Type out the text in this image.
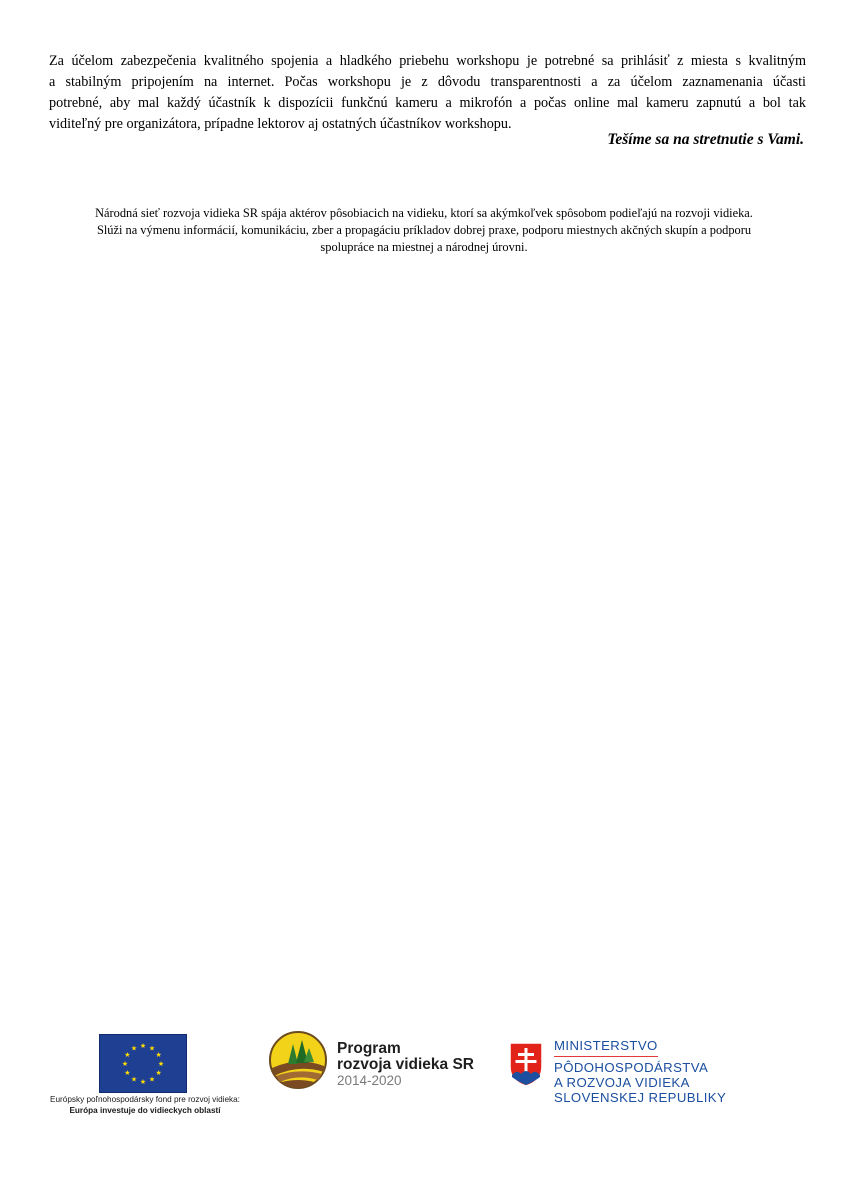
Za účelom zabezpečenia kvalitného spojenia a hladkého priebehu workshopu je potrebné sa prihlásiť z miesta s kvalitným
a stabilným pripojením na internet. Počas workshopu je z dôvodu transparentnosti a za účelom zaznamenania účasti
potrebné, aby mal každý účastník k dispozícii funkčnú kameru a mikrofón a počas online mal kameru zapnutú a bol tak
viditeľný pre organizátora, prípadne lektorov aj ostatných účastníkov workshopu.
Tešíme sa na stretnutie s Vami.
Národná sieť rozvoja vidieka SR spája aktérov pôsobiacich na vidieku, ktorí sa akýmkoľvek spôsobom podieľajú na rozvoji vidieka.
Slúži na výmenu informácií, komunikáciu, zber a propagáciu príkladov dobrej praxe, podporu miestnych akčných skupín a podporu
spolupráce na miestnej a národnej úrovni.
★ ★
★
★
★
★
★
★
★
★
★
★
Európsky poľnohospodársky fond pre rozvoj vidieka:
Európa investuje do vidieckych oblastí
Program
rozvoja vidieka SR
2014-2020
MINISTERSTVO
PÔDOHOSPODÁRSTVA
A ROZVOJA VIDIEKA
SLOVENSKEJ REPUBLIKY
